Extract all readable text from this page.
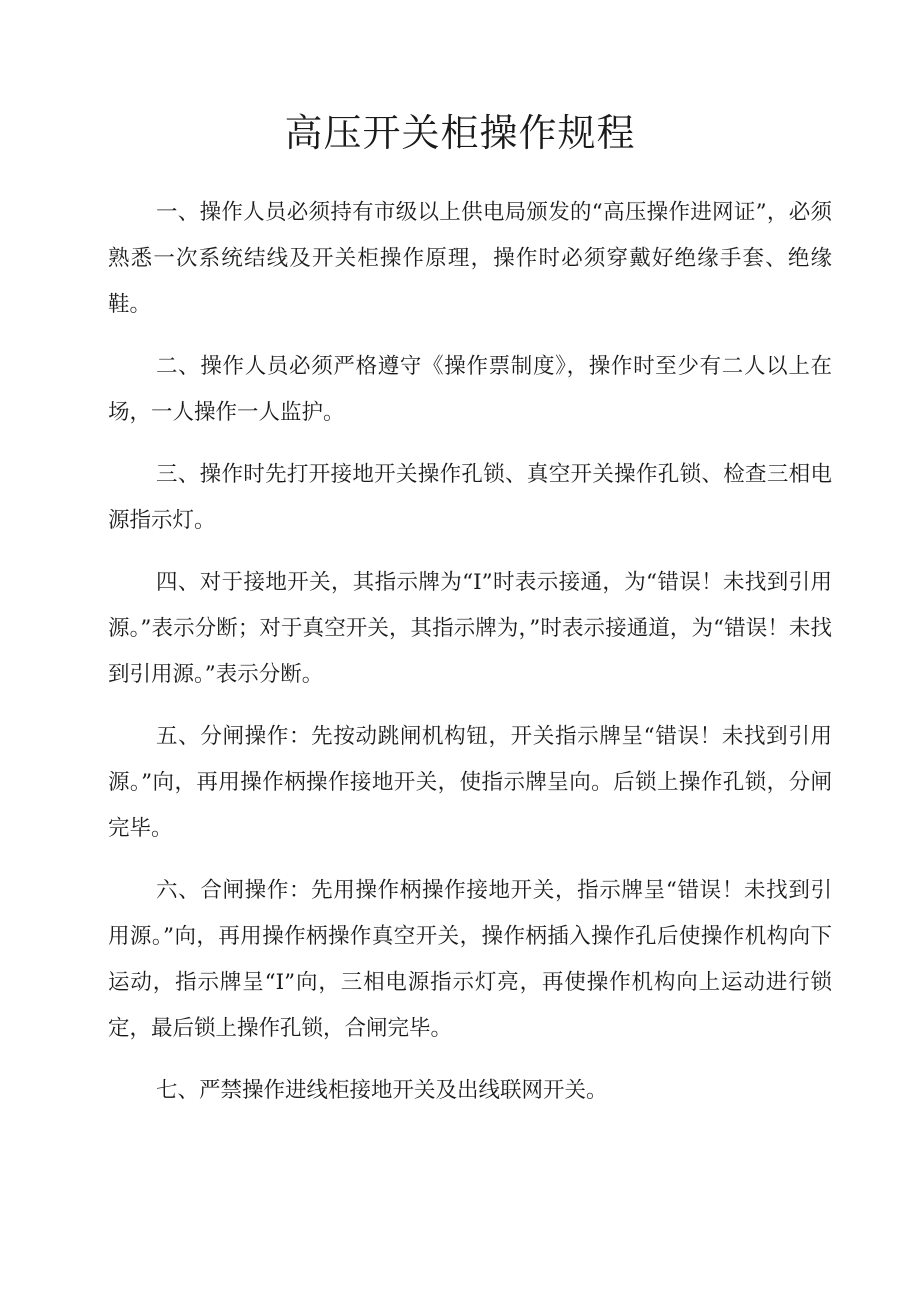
高压开关柜操作规程

一、操作人员必须持有市级以上供电局颁发的“高压操作进网证”，必须熟悉一次系统结线及开关柜操作原理，操作时必须穿戴好绝缘手套、绝缘鞋。

二、操作人员必须严格遵守《操作票制度》，操作时至少有二人以上在场，一人操作一人监护。

三、操作时先打开接地开关操作孔锁、真空开关操作孔锁、检查三相电源指示灯。

四、对于接地开关，其指示牌为“I”时表示接通，为“错误！未找到引用源。”表示分断；对于真空开关，其指示牌为，”时表示接通道，为“错误！未找到引用源。”表示分断。

五、分闸操作：先按动跳闸机构钮，开关指示牌呈“错误！未找到引用源。”向，再用操作柄操作接地开关，使指示牌呈向。后锁上操作孔锁，分闸完毕。

六、合闸操作：先用操作柄操作接地开关，指示牌呈“错误！未找到引用源。”向，再用操作柄操作真空开关，操作柄插入操作孔后使操作机构向下运动，指示牌呈“I”向，三相电源指示灯亮，再使操作机构向上运动进行锁定，最后锁上操作孔锁，合闸完毕。

七、严禁操作进线柜接地开关及出线联网开关。
